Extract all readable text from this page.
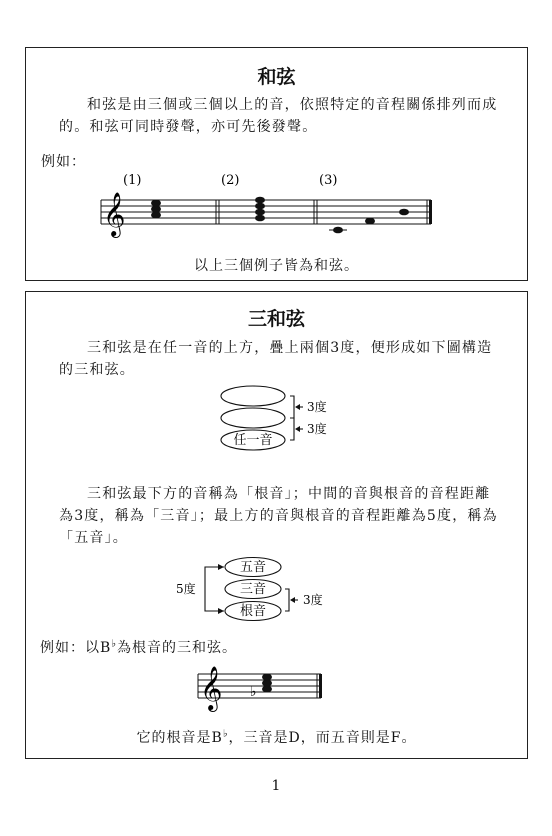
和弦

和弦是由三個或三個以上的音，依照特定的音程關係排列而成的。和弦可同時發聲，亦可先後發聲。

例如：
𝄞
(1)	(2)	(3)
以上三個例子皆為和弦。
三和弦

三和弦是在任一音的上方，疊上兩個3度，便形成如下圖構造的三和弦。

任一音
3度
3度

三和弦最下方的音稱為「根音」；中間的音與根音的音程距離為3度，稱為「三音」；最上方的音與根音的音程距離為5度，稱為「五音」。

五音
三音
根音
5度
3度
例如：以B♭為根音的三和弦。
𝄞 ♭
它的根音是B♭，三音是D，而五音則是F。
1
